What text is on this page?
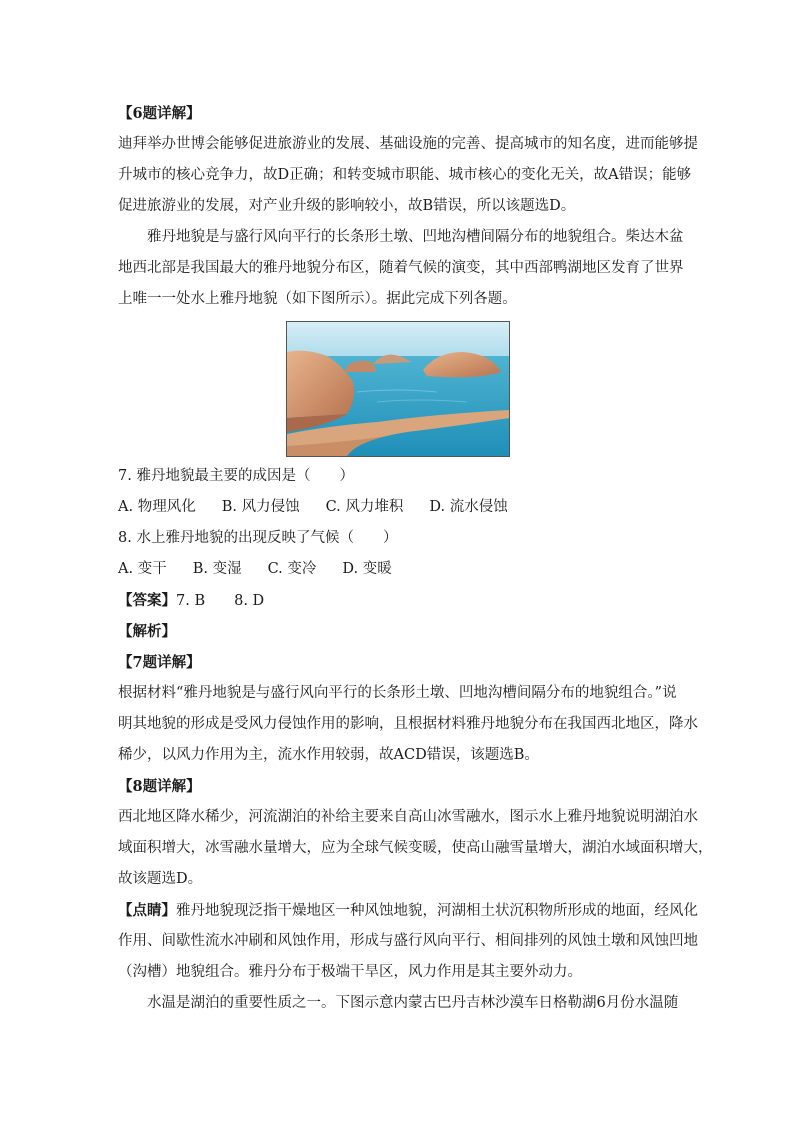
【6题详解】
迪拜举办世博会能够促进旅游业的发展、基础设施的完善、提高城市的知名度，进而能够提
升城市的核心竞争力，故D正确；和转变城市职能、城市核心的变化无关，故A错误；能够
促进旅游业的发展，对产业升级的影响较小，故B错误，所以该题选D。
雅丹地貌是与盛行风向平行的长条形土墩、凹地沟槽间隔分布的地貌组合。柴达木盆
地西北部是我国最大的雅丹地貌分布区，随着气候的演变，其中西部鸭湖地区发育了世界
上唯一一处水上雅丹地貌（如下图所示）。据此完成下列各题。
7. 雅丹地貌最主要的成因是（　　）
A. 物理风化 B. 风力侵蚀 C. 风力堆积 D. 流水侵蚀
8. 水上雅丹地貌的出现反映了气候（　　）
A. 变干 B. 变湿 C. 变冷 D. 变暖
【答案】7. B　　8. D
【解析】
【7题详解】
根据材料“雅丹地貌是与盛行风向平行的长条形土墩、凹地沟槽间隔分布的地貌组合。”说
明其地貌的形成是受风力侵蚀作用的影响，且根据材料雅丹地貌分布在我国西北地区，降水
稀少，以风力作用为主，流水作用较弱，故ACD错误，该题选B。
【8题详解】
西北地区降水稀少，河流湖泊的补给主要来自高山冰雪融水，图示水上雅丹地貌说明湖泊水
域面积增大，冰雪融水量增大，应为全球气候变暖，使高山融雪量增大，湖泊水域面积增大，
故该题选D。
【点睛】雅丹地貌现泛指干燥地区一种风蚀地貌，河湖相土状沉积物所形成的地面，经风化
作用、间歇性流水冲刷和风蚀作用，形成与盛行风向平行、相间排列的风蚀土墩和风蚀凹地
（沟槽）地貌组合。雅丹分布于极端干旱区，风力作用是其主要外动力。
水温是湖泊的重要性质之一。下图示意内蒙古巴丹吉林沙漠车日格勒湖6月份水温随
